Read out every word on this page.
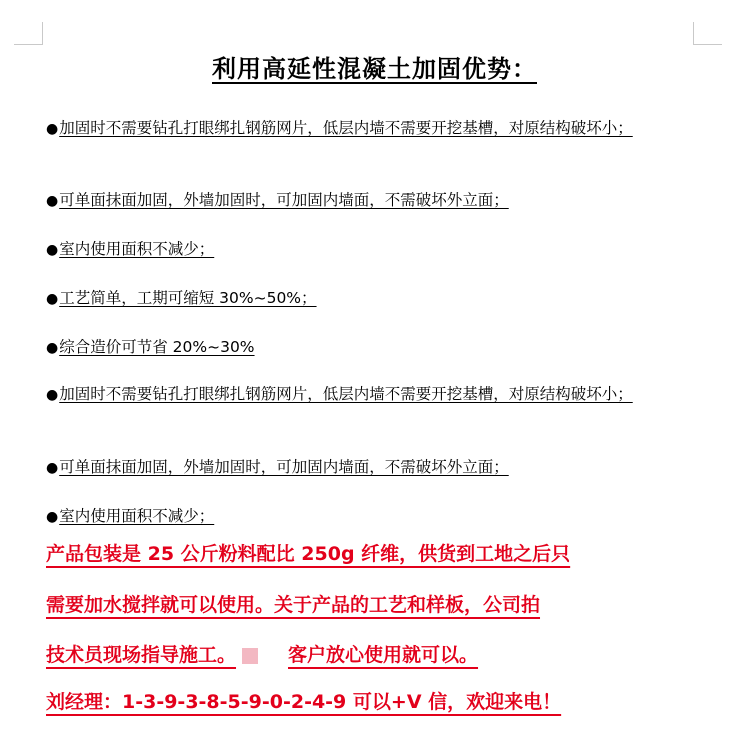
利用高延性混凝土加固优势：
●加固时不需要钻孔打眼绑扎钢筋网片，低层内墙不需要开挖基槽，对原结构破坏小；
●可单面抹面加固，外墙加固时，可加固内墙面，不需破坏外立面；
●室内使用面积不减少；
●工艺简单，工期可缩短 30%~50%；
●综合造价可节省 20%~30%
●加固时不需要钻孔打眼绑扎钢筋网片，低层内墙不需要开挖基槽，对原结构破坏小；
●可单面抹面加固，外墙加固时，可加固内墙面，不需破坏外立面；
●室内使用面积不减少；
产品包装是 25 公斤粉料配比 250g 纤维，供货到工地之后只
需要加水搅拌就可以使用。关于产品的工艺和样板，公司拍
技术员现场指导施工。	客户放心使用就可以。
刘经理：1-3-9-3-8-5-9-0-2-4-9 可以+V 信，欢迎来电！
